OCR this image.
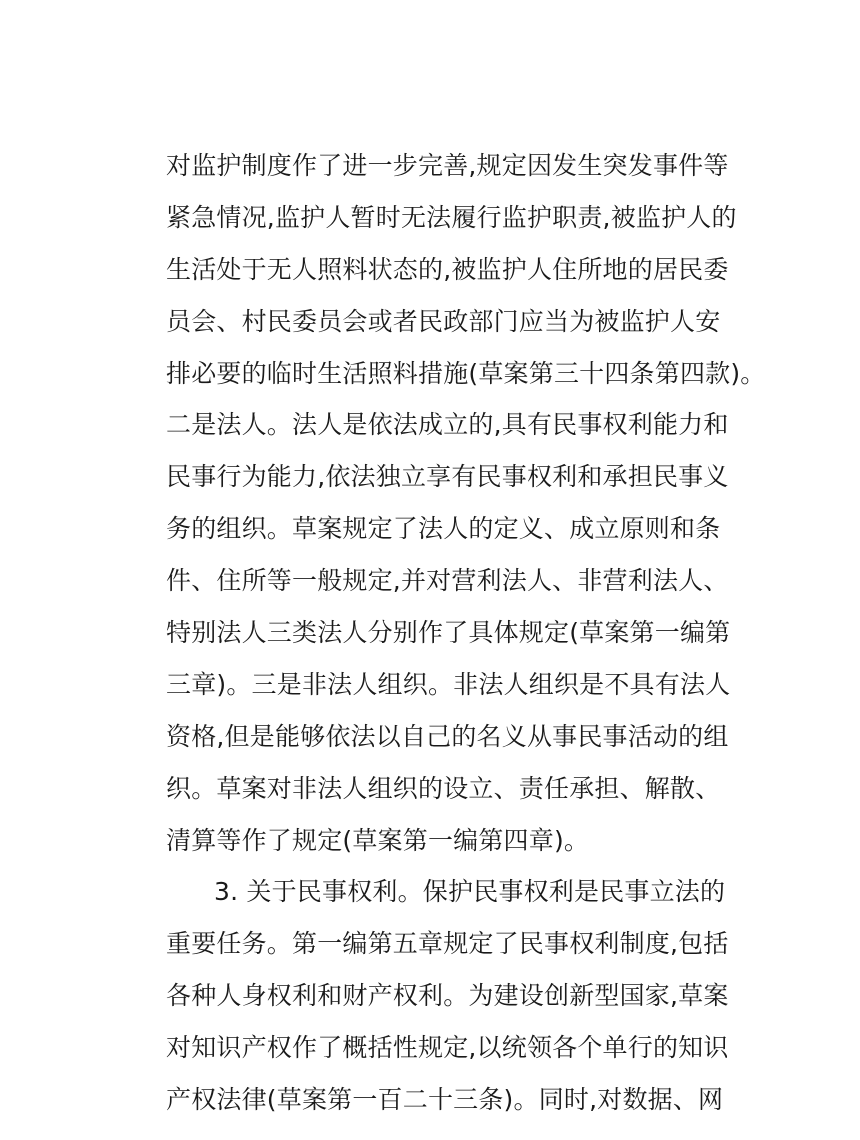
对监护制度作了进一步完善,规定因发生突发事件等
紧急情况,监护人暂时无法履行监护职责,被监护人的
生活处于无人照料状态的,被监护人住所地的居民委
员会、村民委员会或者民政部门应当为被监护人安
排必要的临时生活照料措施(草案第三十四条第四款)。
二是法人。法人是依法成立的,具有民事权利能力和
民事行为能力,依法独立享有民事权利和承担民事义
务的组织。草案规定了法人的定义、成立原则和条
件、住所等一般规定,并对营利法人、非营利法人、
特别法人三类法人分别作了具体规定(草案第一编第
三章)。三是非法人组织。非法人组织是不具有法人
资格,但是能够依法以自己的名义从事民事活动的组
织。草案对非法人组织的设立、责任承担、解散、
清算等作了规定(草案第一编第四章)。
3. 关于民事权利。保护民事权利是民事立法的
重要任务。第一编第五章规定了民事权利制度,包括
各种人身权利和财产权利。为建设创新型国家,草案
对知识产权作了概括性规定,以统领各个单行的知识
产权法律(草案第一百二十三条)。同时,对数据、网
